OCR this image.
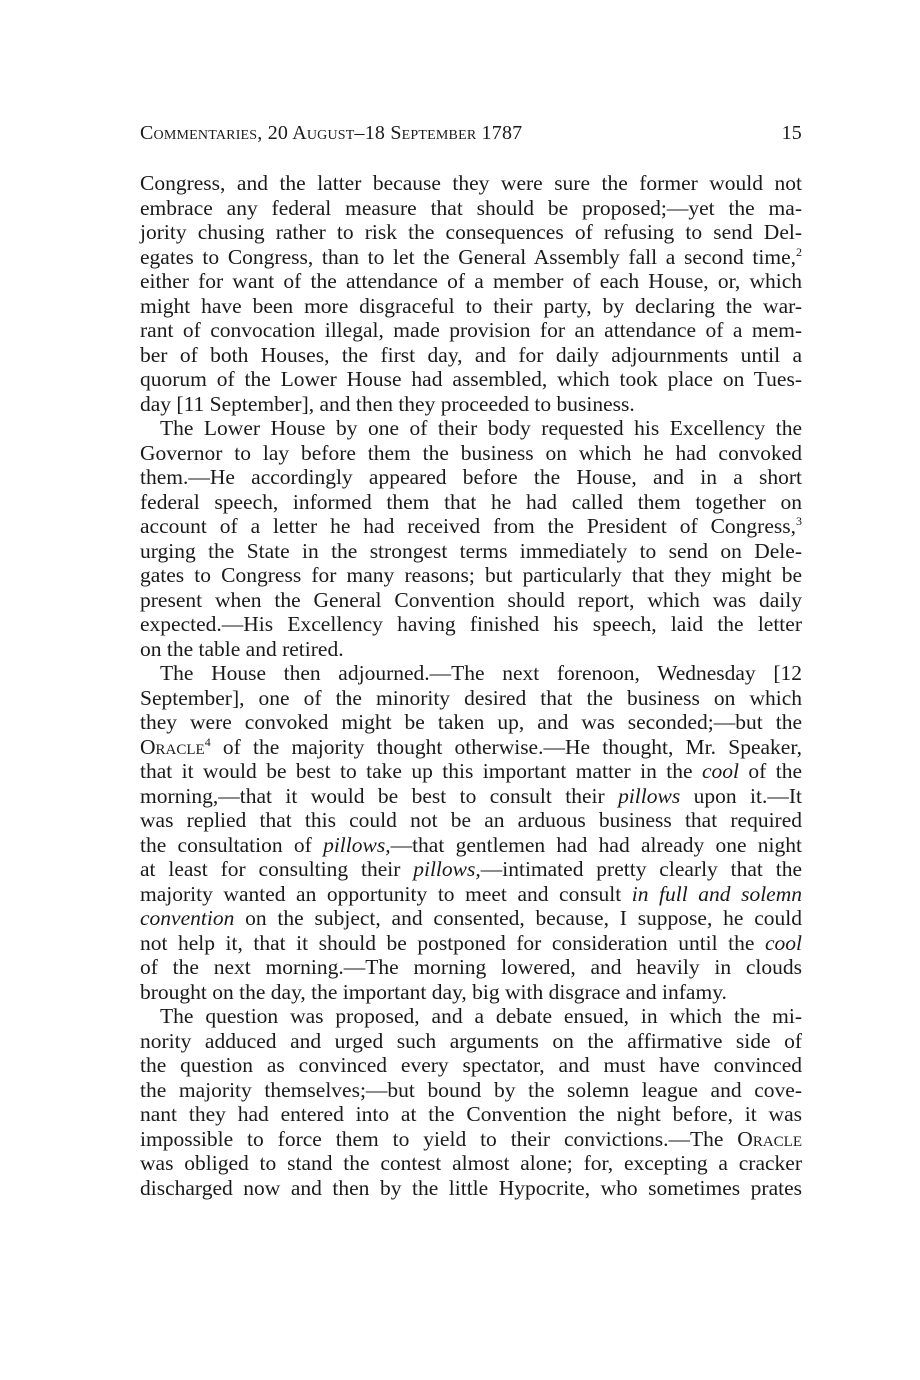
Commentaries, 20 August–18 September 1787	15
Congress, and the latter because they were sure the former would not
embrace any federal measure that should be proposed;—yet the ma-
jority chusing rather to risk the consequences of refusing to send Del-
egates to Congress, than to let the General Assembly fall a second time,$^2$
either for want of the attendance of a member of each House, or, which
might have been more disgraceful to their party, by declaring the war-
rant of convocation illegal, made provision for an attendance of a mem-
ber of both Houses, the first day, and for daily adjournments until a
quorum of the Lower House had assembled, which took place on Tues-
day [11 September], and then they proceeded to business.
The Lower House by one of their body requested his Excellency the
Governor to lay before them the business on which he had convoked
them.—He accordingly appeared before the House, and in a short
federal speech, informed them that he had called them together on
account of a letter he had received from the President of Congress,$^3$
urging the State in the strongest terms immediately to send on Dele-
gates to Congress for many reasons; but particularly that they might be
present when the General Convention should report, which was daily
expected.—His Excellency having finished his speech, laid the letter
on the table and retired.
The House then adjourned.—The next forenoon, Wednesday [12
September], one of the minority desired that the business on which
they were convoked might be taken up, and was seconded;—but the
Oracle$^4$ of the majority thought otherwise.—He thought, Mr. Speaker,
that it would be best to take up this important matter in the cool of the
morning,—that it would be best to consult their pillows upon it.—It
was replied that this could not be an arduous business that required
the consultation of pillows,—that gentlemen had had already one night
at least for consulting their pillows,—intimated pretty clearly that the
majority wanted an opportunity to meet and consult in full and solemn
convention on the subject, and consented, because, I suppose, he could
not help it, that it should be postponed for consideration until the cool
of the next morning.—The morning lowered, and heavily in clouds
brought on the day, the important day, big with disgrace and infamy.
The question was proposed, and a debate ensued, in which the mi-
nority adduced and urged such arguments on the affirmative side of
the question as convinced every spectator, and must have convinced
the majority themselves;—but bound by the solemn league and cove-
nant they had entered into at the Convention the night before, it was
impossible to force them to yield to their convictions.—The Oracle
was obliged to stand the contest almost alone; for, excepting a cracker
discharged now and then by the little Hypocrite, who sometimes prates
